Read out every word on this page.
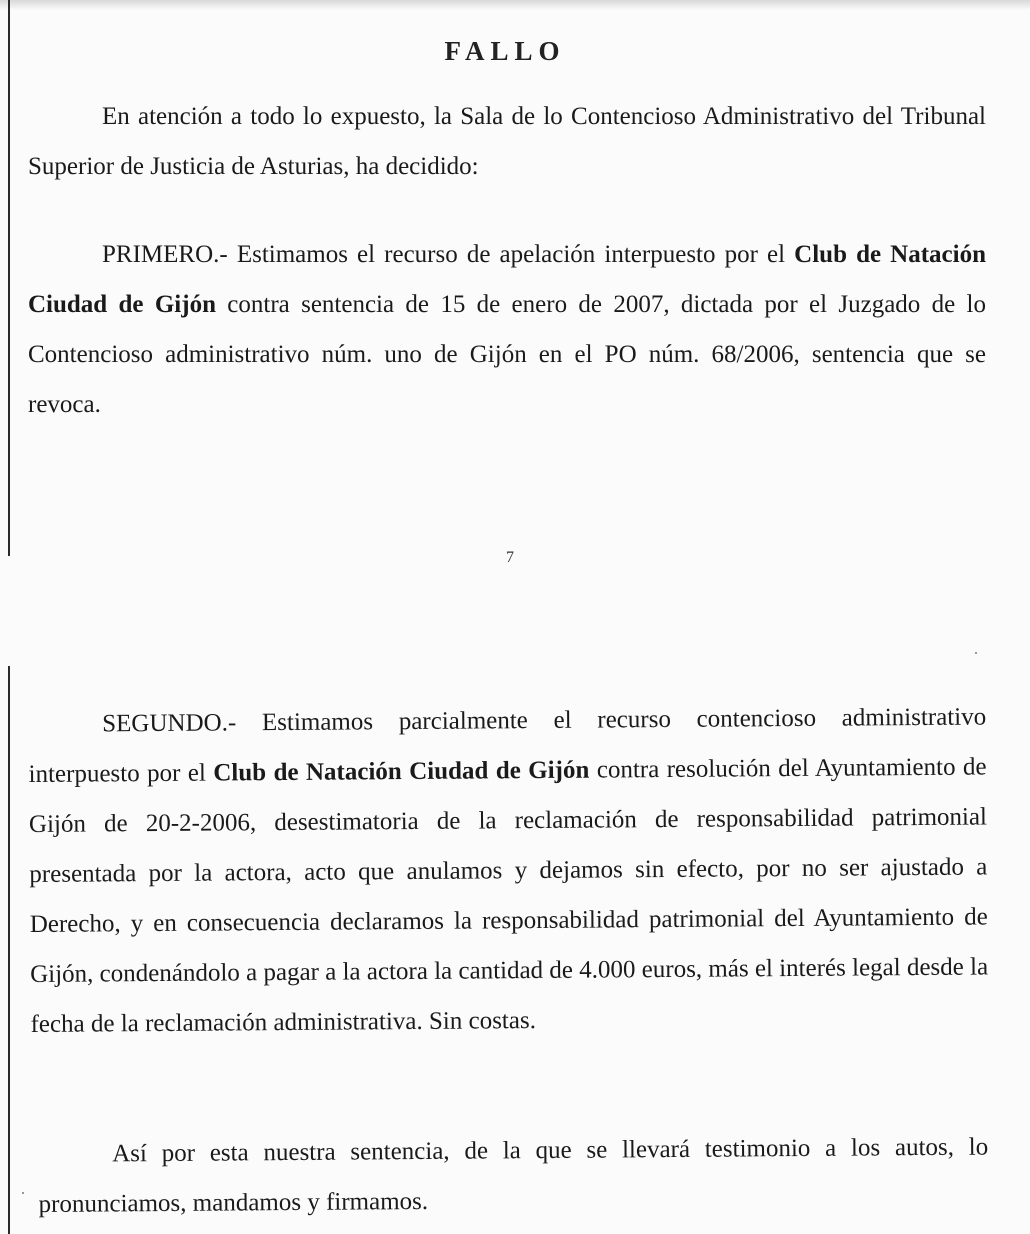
FALLO

En atención a todo lo expuesto, la Sala de lo Contencioso Administrativo del Tribunal Superior de Justicia de Asturias, ha decidido:

PRIMERO.- Estimamos el recurso de apelación interpuesto por el Club de Natación Ciudad de Gijón contra sentencia de 15 de enero de 2007, dictada por el Juzgado de lo Contencioso administrativo núm. uno de Gijón en el PO núm. 68/2006, sentencia que se revoca.

7

SEGUNDO.- Estimamos parcialmente el recurso contencioso administrativo interpuesto por el Club de Natación Ciudad de Gijón contra resolución del Ayuntamiento de Gijón de 20-2-2006, desestimatoria de la reclamación de responsabilidad patrimonial presentada por la actora, acto que anulamos y dejamos sin efecto, por no ser ajustado a Derecho, y en consecuencia declaramos la responsabilidad patrimonial del Ayuntamiento de Gijón, condenándolo a pagar a la actora la cantidad de 4.000 euros, más el interés legal desde la fecha de la reclamación administrativa. Sin costas.

Así por esta nuestra sentencia, de la que se llevará testimonio a los autos, lo pronunciamos, mandamos y firmamos.
